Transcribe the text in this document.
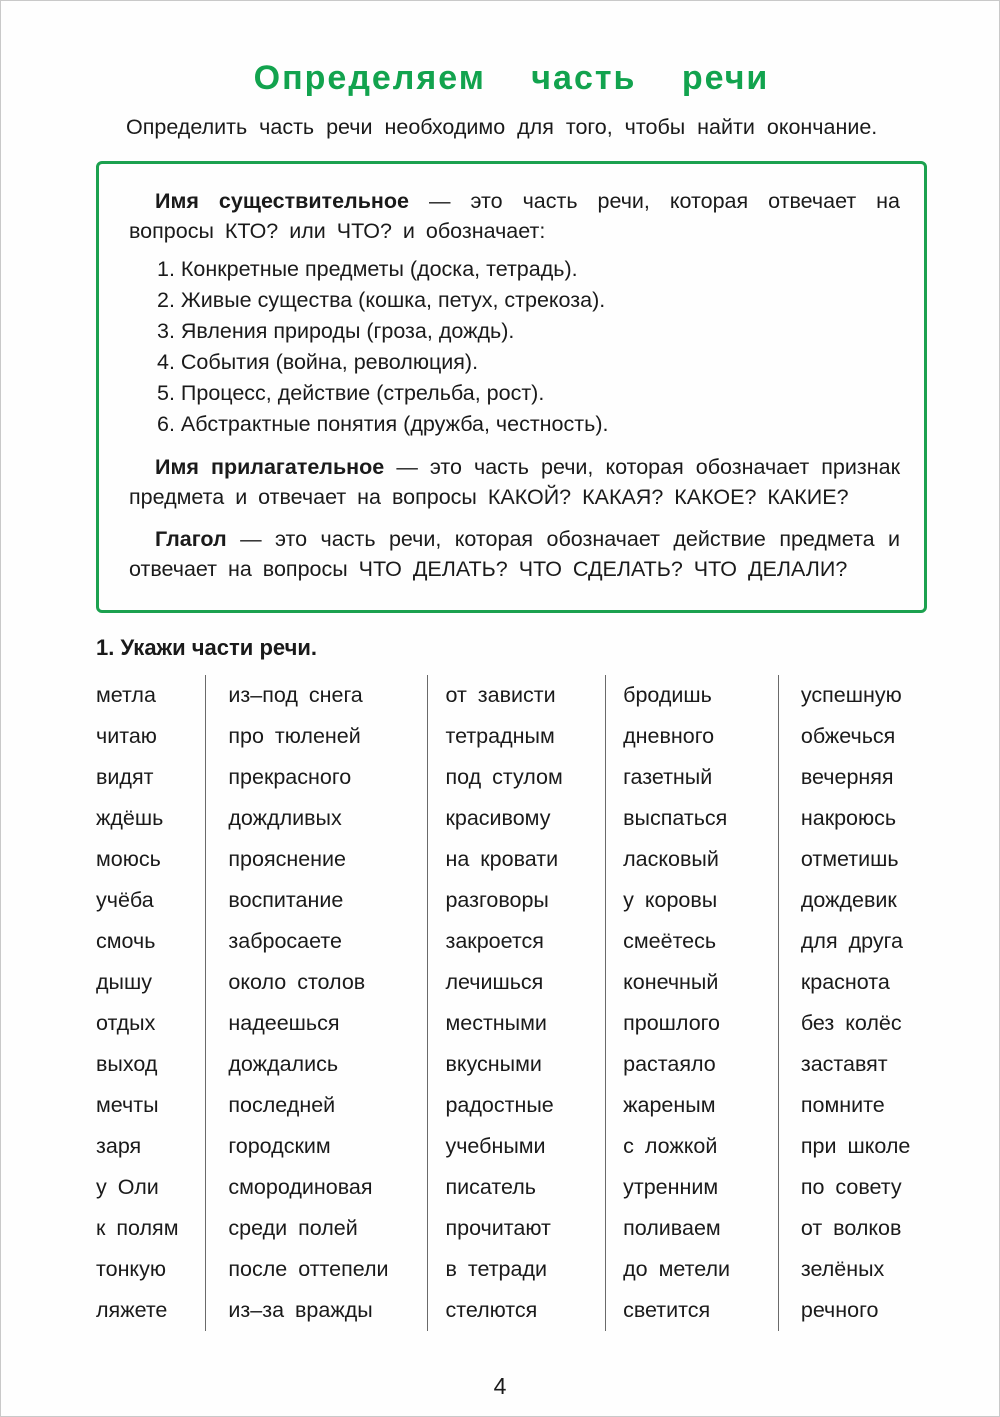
Определяем часть речи

Определить часть речи необходимо для того, чтобы найти окончание.

Имя существительное — это часть речи, которая отвечает на вопросы КТО? или ЧТО? и обозначает:

1. Конкретные предметы (доска, тетрадь).
2. Живые существа (кошка, петух, стрекоза).
3. Явления природы (гроза, дождь).
4. События (война, революция).
5. Процесс, действие (стрельба, рост).
6. Абстрактные понятия (дружба, честность).

Имя прилагательное — это часть речи, которая обозначает признак предмета и отвечает на вопросы КАКОЙ? КАКАЯ? КАКОЕ? КАКИЕ?

Глагол — это часть речи, которая обозначает действие предмета и отвечает на вопросы ЧТО ДЕЛАТЬ? ЧТО СДЕЛАТЬ? ЧТО ДЕЛАЛИ?

1. Укажи части речи.
метла
читаю
видят
ждёшь
моюсь
учёба
смочь
дышу
отдых
выход
мечты
заря
у Оли
к полям
тонкую
ляжете
из–под снега
про тюленей
прекрасного
дождливых
прояснение
воспитание
забросаете
около столов
надеешься
дождались
последней
городским
смородиновая
среди полей
после оттепели
из–за вражды
от зависти
тетрадным
под стулом
красивому
на кровати
разговоры
закроется
лечишься
местными
вкусными
радостные
учебными
писатель
прочитают
в тетради
стелются
бродишь
дневного
газетный
выспаться
ласковый
у коровы
смеётесь
конечный
прошлого
растаяло
жареным
с ложкой
утренним
поливаем
до метели
светится
успешную
обжечься
вечерняя
накроюсь
отметишь
дождевик
для друга
краснота
без колёс
заставят
помните
при школе
по совету
от волков
зелёных
речного
4
